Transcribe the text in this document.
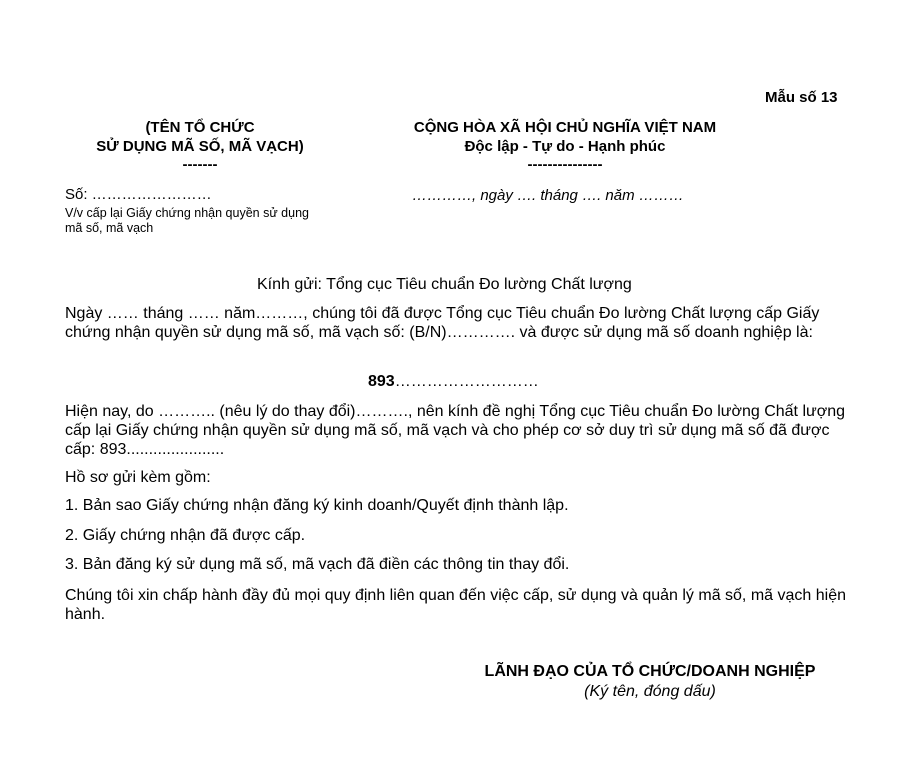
Mẫu số 13
(TÊN TỔ CHỨC
SỬ DỤNG MÃ SỐ, MÃ VẠCH)
-------
CỘNG HÒA XÃ HỘI CHỦ NGHĨA VIỆT NAM
Độc lập - Tự do - Hạnh phúc
---------------
Số: ……………………
V/v cấp lại Giấy chứng nhận quyền sử dụng
mã số, mã vạch
…………, ngày …. tháng …. năm ………
Kính gửi: Tổng cục Tiêu chuẩn Đo lường Chất lượng
Ngày …… tháng …… năm………, chúng tôi đã được Tổng cục Tiêu chuẩn Đo lường Chất lượng cấp Giấy chứng nhận quyền sử dụng mã số, mã vạch số: (B/N)…………. và được sử dụng mã số doanh nghiệp là:
893………………………
Hiện nay, do ……….. (nêu lý do thay đổi)………., nên kính đề nghị Tổng cục Tiêu chuẩn Đo lường Chất lượng cấp lại Giấy chứng nhận quyền sử dụng mã số, mã vạch và cho phép cơ sở duy trì sử dụng mã số đã được cấp: 893......................
Hồ sơ gửi kèm gồm:
1. Bản sao Giấy chứng nhận đăng ký kinh doanh/Quyết định thành lập.
2. Giấy chứng nhận đã được cấp.
3. Bản đăng ký sử dụng mã số, mã vạch đã điền các thông tin thay đổi.
Chúng tôi xin chấp hành đầy đủ mọi quy định liên quan đến việc cấp, sử dụng và quản lý mã số, mã vạch hiện hành.
LÃNH ĐẠO CỦA TỔ CHỨC/DOANH NGHIỆP
(Ký tên, đóng dấu)
